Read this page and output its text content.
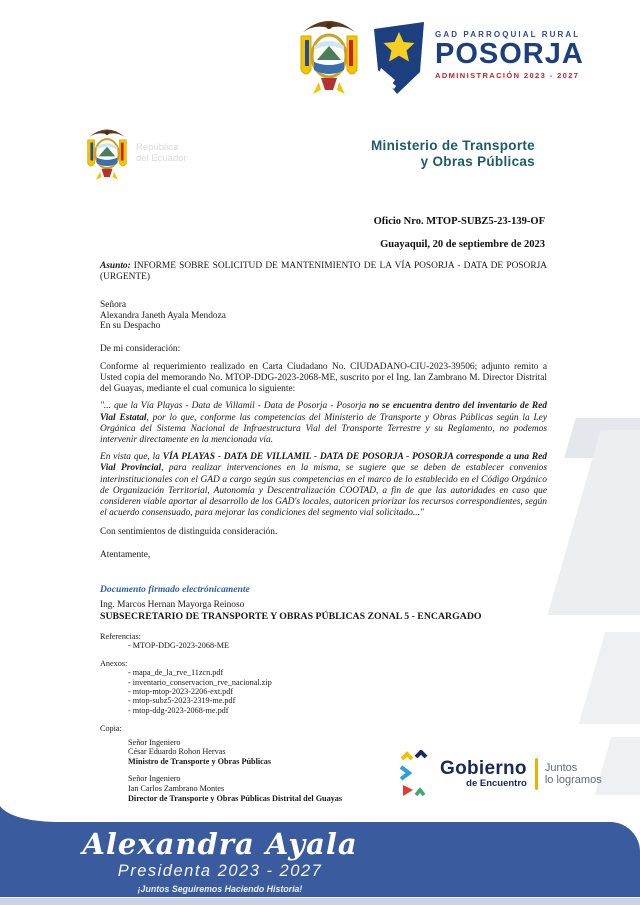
GAD PARROQUIAL RURAL
POSORJA
ADMINISTRACIÓN 2023 - 2027
República
del Ecuador
Ministerio de Transporte
y Obras Públicas
Oficio Nro. MTOP-SUBZ5-23-139-OF
Guayaquil, 20 de septiembre de 2023

Asunto: INFORME SOBRE SOLICITUD DE MANTENIMIENTO DE LA VÍA POSORJA - DATA DE POSORJA (URGENTE)

Señora
Alexandra Janeth Ayala Mendoza
En su Despacho

De mi consideración:

Conforme al requerimiento realizado en Carta Ciudadano No. CIUDADANO-CIU-2023-39506; adjunto remito a Usted copia del memorando No. MTOP-DDG-2023-2068-ME, suscrito por el Ing. Ian Zambrano M. Director Distrital del Guayas, mediante el cual comunica lo siguiente:

"... que la Vía Playas - Data de Villamil - Data de Posorja - Posorja no se encuentra dentro del inventario de Red Vial Estatal, por lo que, conforme las competencias del Ministerio de Transporte y Obras Públicas según la Ley Orgánica del Sistema Nacional de Infraestructura Vial del Transporte Terrestre y su Reglamento, no podemos intervenir directamente en la mencionada vía.

En vista que, la VÍA PLAYAS - DATA DE VILLAMIL - DATA DE POSORJA - POSORJA corresponde a una Red Vial Provincial, para realizar intervenciones en la misma, se sugiere que se deben de establecer convenios interinstitucionales con el GAD a cargo según sus competencias en el marco de lo establecido en el Código Orgánico de Organización Territorial, Autonomía y Descentralización COOTAD, a fin de que las autoridades en caso que consideren viable aportar al desarrollo de los GAD's locales, autoricen priorizar los recursos correspondientes, según el acuerdo consensuado, para mejorar las condiciones del segmento vial solicitado..."

Con sentimientos de distinguida consideración.

Atentamente,

Documento firmado electrónicamente

Ing. Marcos Hernan Mayorga Reinoso
SUBSECRETARIO DE TRANSPORTE Y OBRAS PÚBLICAS ZONAL 5 - ENCARGADO
Referencias:
- MTOP-DDG-2023-2068-ME
Anexos:
- mapa_de_la_rve_11zcn.pdf
- inventario_conservacion_rve_nacional.zip
- mtop-mtop-2023-2206-ext.pdf
- mtop-subz5-2023-2319-me.pdf
- mtop-ddg-2023-2068-me.pdf
Copia:
Señor Ingeniero
César Eduardo Rohon Hervas
Ministro de Transporte y Obras Públicas
Señor Ingeniero
Ian Carlos Zambrano Montes
Director de Transporte y Obras Públicas Distrital del Guayas
Gobierno
de Encuentro
Juntos
lo logramos
Alexandra Ayala
Presidenta 2023 - 2027
¡Juntos Seguiremos Haciendo Historia!
